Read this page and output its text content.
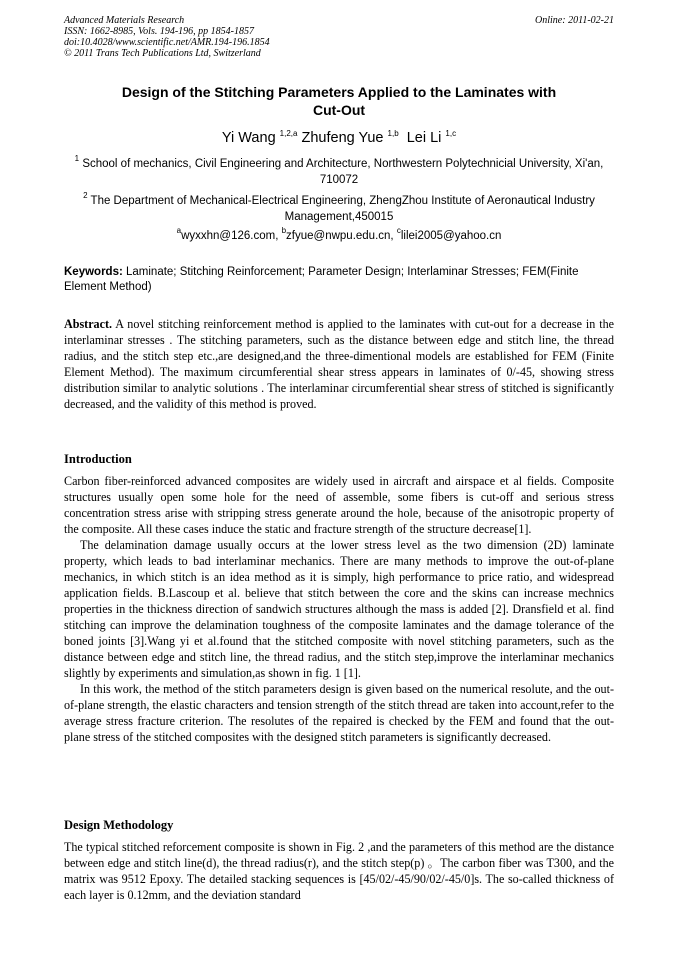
Advanced Materials Research
ISSN: 1662-8985, Vols. 194-196, pp 1854-1857
doi:10.4028/www.scientific.net/AMR.194-196.1854
© 2011 Trans Tech Publications Ltd, Switzerland
Online: 2011-02-21
Design of the Stitching Parameters Applied to the Laminates with
Cut-Out
Yi Wang $^{1,2,a}$ Zhufeng Yue $^{1,b}$ Lei Li $^{1,c}$
$^1$ School of mechanics, Civil Engineering and Architecture, Northwestern Polytechnicial University, Xi'an, 710072
$^2$ The Department of Mechanical-Electrical Engineering, ZhengZhou Institute of Aeronautical Industry Management,450015
$^a$wyxxhn@126.com, $^b$zfyue@nwpu.edu.cn, $^c$lilei2005@yahoo.cn
Keywords: Laminate; Stitching Reinforcement; Parameter Design; Interlaminar Stresses; FEM(Finite Element Method)

Abstract. A novel stitching reinforcement method is applied to the laminates with cut-out for a decrease in the interlaminar stresses . The stitching parameters, such as the distance between edge and stitch line, the thread radius, and the stitch step etc.,are designed,and the three-dimentional models are established for FEM (Finite Element Method). The maximum circumferential shear stress appears in laminates of 0/-45, showing stress distribution similar to analytic solutions . The interlaminar circumferential shear stress of stitched is significantly decreased, and the validity of this method is proved.

Introduction

Carbon fiber-reinforced advanced composites are widely used in aircraft and airspace et al fields. Composite structures usually open some hole for the need of assemble, some fibers is cut-off and serious stress concentration stress arise with stripping stress generate around the hole, because of the anisotropic property of the composite. All these cases induce the static and fracture strength of the structure decrease[1].

The delamination damage usually occurs at the lower stress level as the two dimension (2D) laminate property, which leads to bad interlaminar mechanics. There are many methods to improve the out-of-plane mechanics, in which stitch is an idea method as it is simply, high performance to price ratio, and widespread application fields. B.Lascoup et al. believe that stitch between the core and the skins can increase mechnics properties in the thickness direction of sandwich structures although the mass is added [2]. Dransfield et al. find stitching can improve the delamination toughness of the composite laminates and the damage tolerance of the boned joints [3].Wang yi et al.found that the stitched composite with novel stitching parameters, such as the distance between edge and stitch line, the thread radius, and the stitch step,improve the interlaminar mechanics slightly by experiments and simulation,as shown in fig. 1 [1].

In this work, the method of the stitch parameters design is given based on the numerical resolute, and the out-of-plane strength, the elastic characters and tension strength of the stitch thread are taken into account,refer to the average stress fracture criterion. The resolutes of the repaired is checked by the FEM and found that the out-plane stress of the stitched composites with the designed stitch parameters is significantly decreased.

Design Methodology

The typical stitched reforcement composite is shown in Fig. 2 ,and the parameters of this method are the distance between edge and stitch line(d), the thread radius(r), and the stitch step(p) 。The carbon fiber was T300, and the matrix was 9512 Epoxy. The detailed stacking sequences is [45/02/-45/90/02/-45/0]s. The so-called thickness of each layer is 0.12mm, and the deviation standard
